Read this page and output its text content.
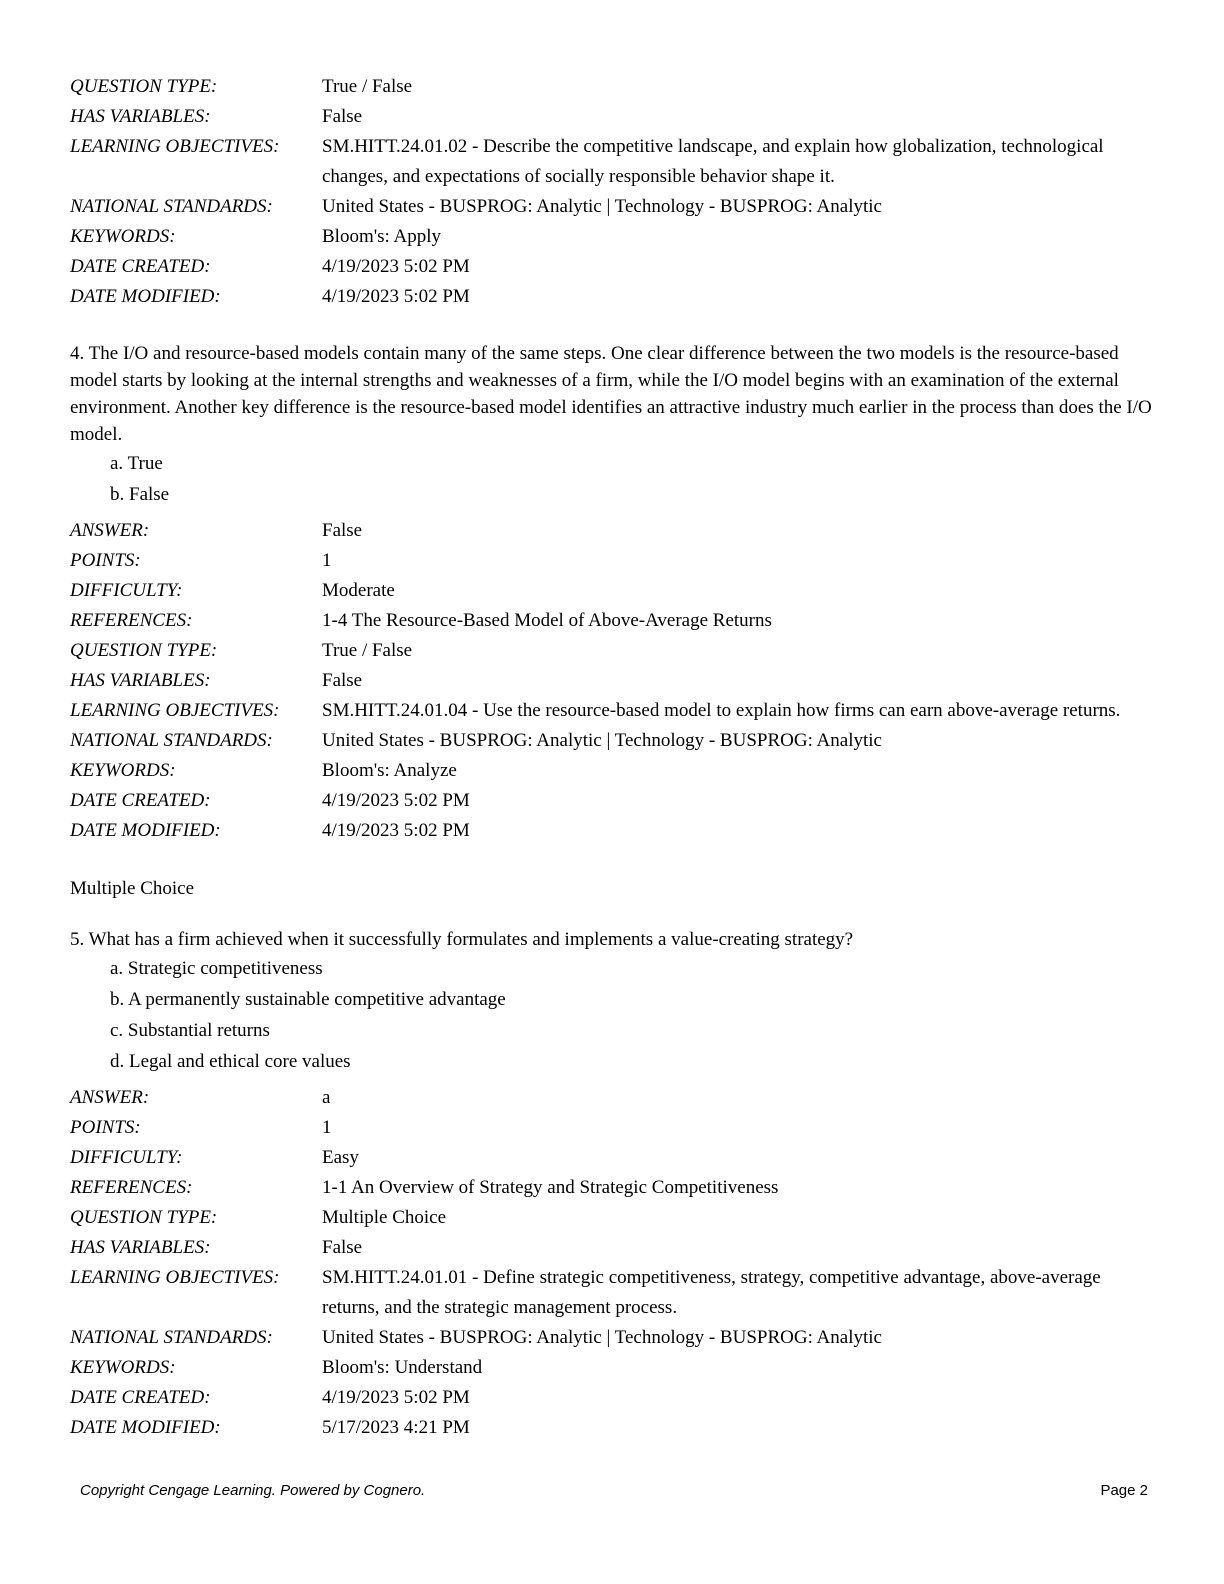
QUESTION TYPE:	True / False
HAS VARIABLES:	False
LEARNING OBJECTIVES:	SM.HITT.24.01.02 - Describe the competitive landscape, and explain how globalization, technological changes, and expectations of socially responsible behavior shape it.
NATIONAL STANDARDS:	United States - BUSPROG: Analytic | Technology - BUSPROG: Analytic
KEYWORDS:	Bloom's: Apply
DATE CREATED:	4/19/2023 5:02 PM
DATE MODIFIED:	4/19/2023 5:02 PM

4. The I/O and resource-based models contain many of the same steps. One clear difference between the two models is the resource-based model starts by looking at the internal strengths and weaknesses of a firm, while the I/O model begins with an examination of the external environment. Another key difference is the resource-based model identifies an attractive industry much earlier in the process than does the I/O model.

a. True
b. False
ANSWER:	False
POINTS:	1
DIFFICULTY:	Moderate
REFERENCES:	1-4 The Resource-Based Model of Above-Average Returns
QUESTION TYPE:	True / False
HAS VARIABLES:	False
LEARNING OBJECTIVES:	SM.HITT.24.01.04 - Use the resource-based model to explain how firms can earn above-average returns.
NATIONAL STANDARDS:	United States - BUSPROG: Analytic | Technology - BUSPROG: Analytic
KEYWORDS:	Bloom's: Analyze
DATE CREATED:	4/19/2023 5:02 PM
DATE MODIFIED:	4/19/2023 5:02 PM

Multiple Choice

5. What has a firm achieved when it successfully formulates and implements a value-creating strategy?

a. Strategic competitiveness
b. A permanently sustainable competitive advantage
c. Substantial returns
d. Legal and ethical core values
ANSWER:	a
POINTS:	1
DIFFICULTY:	Easy
REFERENCES:	1-1 An Overview of Strategy and Strategic Competitiveness
QUESTION TYPE:	Multiple Choice
HAS VARIABLES:	False
LEARNING OBJECTIVES:	SM.HITT.24.01.01 - Define strategic competitiveness, strategy, competitive advantage, above-average returns, and the strategic management process.
NATIONAL STANDARDS:	United States - BUSPROG: Analytic | Technology - BUSPROG: Analytic
KEYWORDS:	Bloom's: Understand
DATE CREATED:	4/19/2023 5:02 PM
DATE MODIFIED:	5/17/2023 4:21 PM
Copyright Cengage Learning. Powered by Cognero.	Page 2
